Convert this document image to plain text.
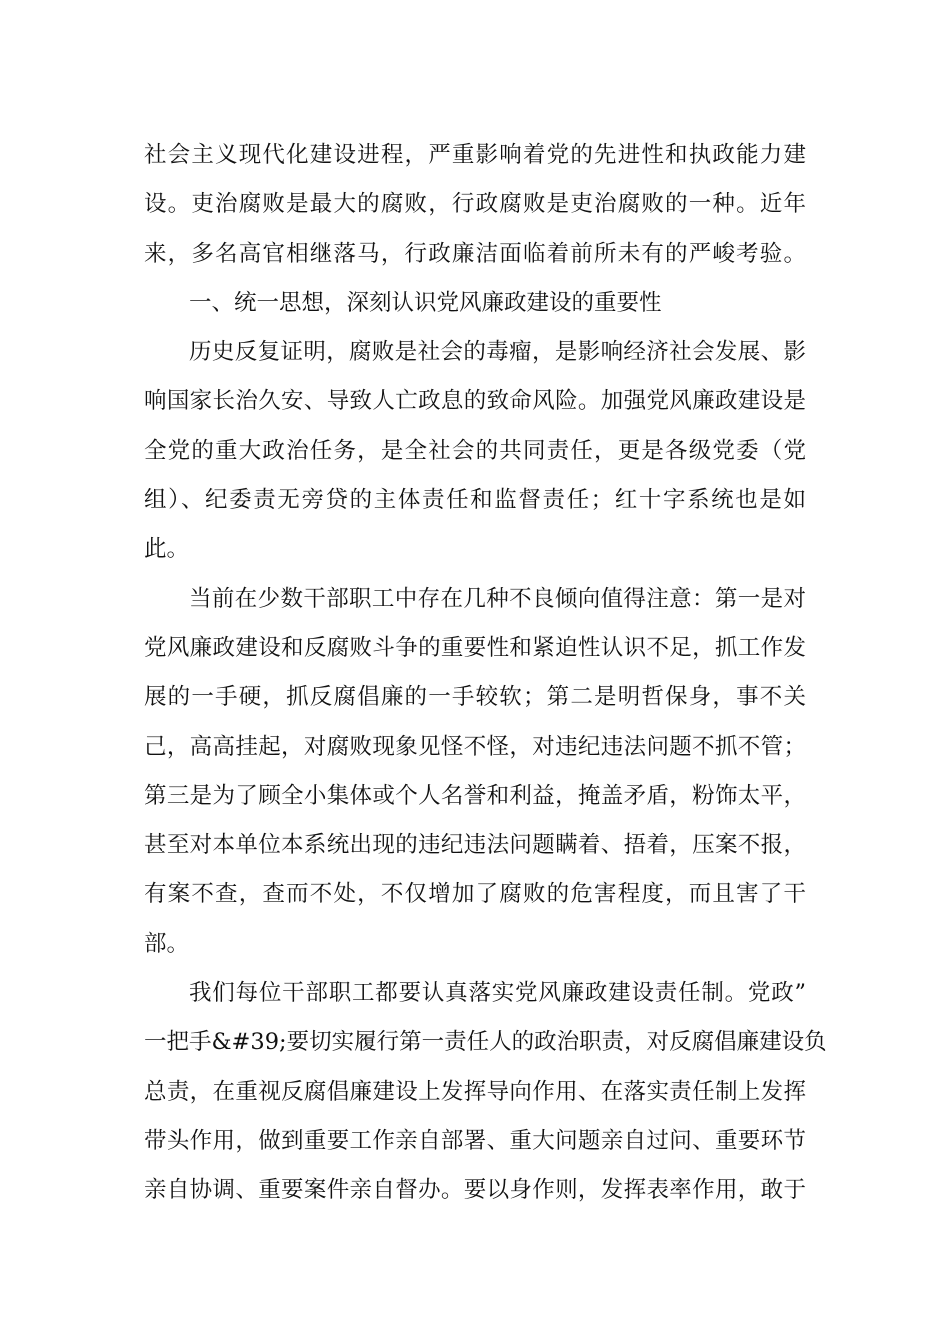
社会主义现代化建设进程，严重影响着党的先进性和执政能力建
设。吏治腐败是最大的腐败，行政腐败是吏治腐败的一种。近年
来，多名高官相继落马，行政廉洁面临着前所未有的严峻考验。
一、统一思想，深刻认识党风廉政建设的重要性
历史反复证明，腐败是社会的毒瘤，是影响经济社会发展、影
响国家长治久安、导致人亡政息的致命风险。加强党风廉政建设是
全党的重大政治任务，是全社会的共同责任，更是各级党委（党
组）、纪委责无旁贷的主体责任和监督责任；红十字系统也是如
此。
当前在少数干部职工中存在几种不良倾向值得注意：第一是对
党风廉政建设和反腐败斗争的重要性和紧迫性认识不足，抓工作发
展的一手硬，抓反腐倡廉的一手较软；第二是明哲保身，事不关
己，高高挂起，对腐败现象见怪不怪，对违纪违法问题不抓不管；
第三是为了顾全小集体或个人名誉和利益，掩盖矛盾，粉饰太平，
甚至对本单位本系统出现的违纪违法问题瞒着、捂着，压案不报，
有案不查，查而不处，不仅增加了腐败的危害程度，而且害了干
部。
我们每位干部职工都要认真落实党风廉政建设责任制。党政”
一把手&#39;要切实履行第一责任人的政治职责，对反腐倡廉建设负
总责，在重视反腐倡廉建设上发挥导向作用、在落实责任制上发挥
带头作用，做到重要工作亲自部署、重大问题亲自过问、重要环节
亲自协调、重要案件亲自督办。要以身作则，发挥表率作用，敢于
